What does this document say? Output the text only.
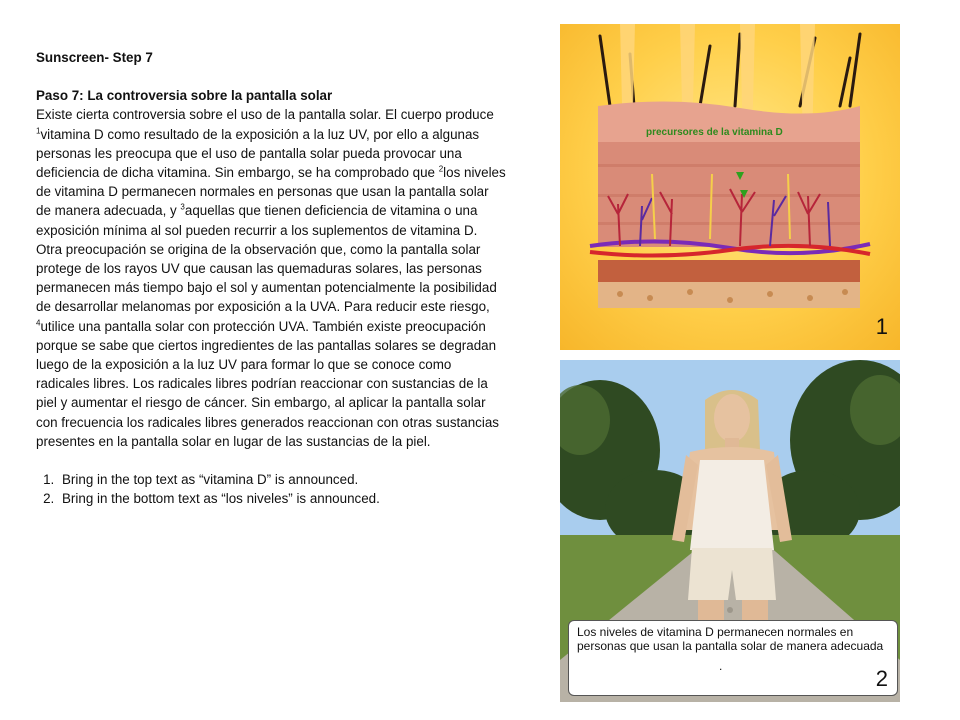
Sunscreen- Step 7

Paso 7: La controversia sobre la pantalla solar

Existe cierta controversia sobre el uso de la pantalla solar. El cuerpo produce $^1$vitamina D como resultado de la exposición a la luz UV, por ello a algunas personas les preocupa que el uso de pantalla solar pueda provocar una deficiencia de dicha vitamina. Sin embargo, se ha comprobado que $^2$los niveles de vitamina D permanecen normales en personas que usan la pantalla solar de manera adecuada, y $^3$aquellas que tienen deficiencia de vitamina o una exposición mínima al sol pueden recurrir a los suplementos de vitamina D. Otra preocupación se origina de la observación que, como la pantalla solar protege de los rayos UV que causan las quemaduras solares, las personas permanecen más tiempo bajo el sol y aumentan potencialmente la posibilidad de desarrollar melanomas por exposición a la UVA. Para reducir este riesgo, $^4$utilice una pantalla solar con protección UVA. También existe preocupación porque se sabe que ciertos ingredientes de las pantallas solares se degradan luego de la exposición a la luz UV para formar lo que se conoce como radicales libres. Los radicales libres podrían reaccionar con sustancias de la piel y aumentar el riesgo de cáncer. Sin embargo, al aplicar la pantalla solar con frecuencia los radicales libres generados reaccionan con otras sustancias presentes en la pantalla solar en lugar de las sustancias de la piel.

1. Bring in the top text as “vitamina D” is announced.
2. Bring in the bottom text as “los niveles” is announced.
precursores de la vitamina D
1
Los niveles de vitamina D permanecen normales en personas que usan la pantalla solar de manera adecuada
.	2
